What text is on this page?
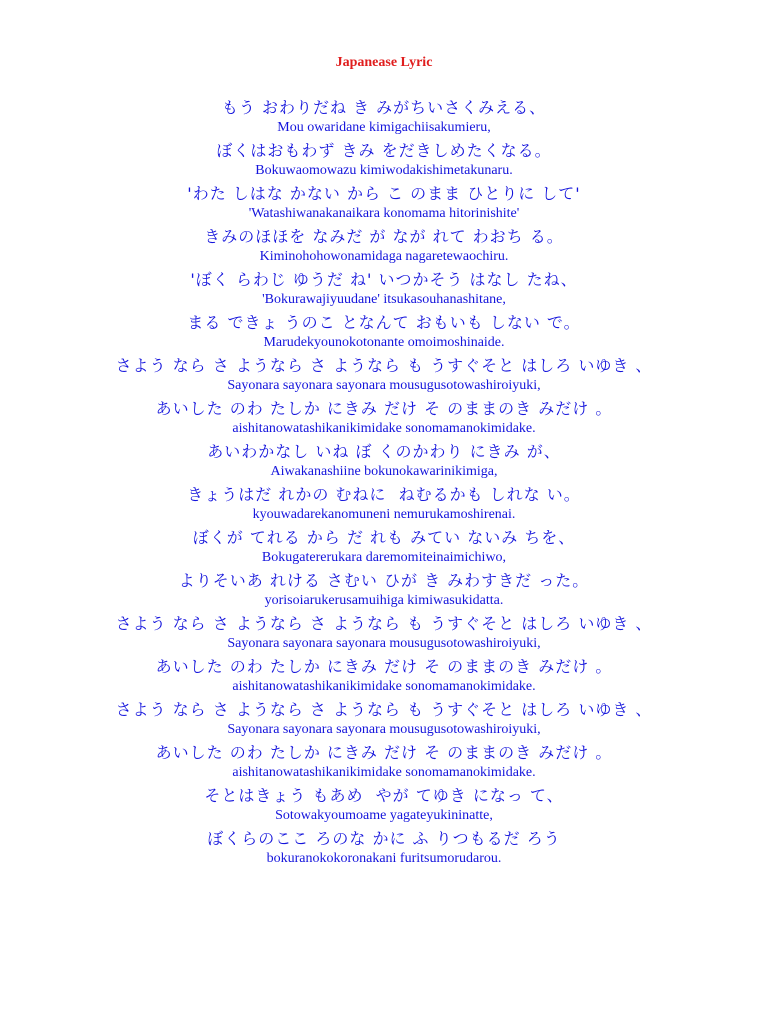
Japanease Lyric
もう おわりだね き みがちいさくみえる、
Mou owaridane kimigachiisakumieru,
ぼくはおもわず きみ をだきしめたくなる。
Bokuwaomowazu kimiwodakishimetakunaru.
'わた しはな かない から こ のまま ひとりに して'
'Watashiwanakanaikara konomama hitorinishite'
きみのほほを なみだ が なが れて わおち る。
Kiminohohowonamidaga nagaretewaochiru.
'ぼく らわじ ゆうだ ね' いつかそう はなし たね、
'Bokurawajiyuudane' itsukasouhanashitane,
まる できょ うのこ となんて おもいも しない で。
Marudekyounokotonante omoimoshinaide.
さよう なら さ ようなら さ ようなら も うすぐそと はしろ いゆき 、
Sayonara sayonara sayonara mousugusotowashiroiyuki,
あいした のわ たしか にきみ だけ そ のままのき みだけ 。
aishitanowatashikanikimidake sonomamanokimidake.
あいわかなし いね ぼ くのかわり にきみ が、
Aiwakanashiine bokunokawarinikimiga,
きょうはだ れかの むねに  ねむるかも しれな い。
kyouwadarekanomuneni nemurukamoshirenai.
ぼくが てれる から だ れも みてい ないみ ちを、
Bokugatererukara daremomiteinaimichiwo,
よりそいあ れける さむい ひが き みわすきだ った。
yorisoiarukerusamuihiga kimiwasukidatta.
さよう なら さ ようなら さ ようなら も うすぐそと はしろ いゆき 、
Sayonara sayonara sayonara mousugusotowashiroiyuki,
あいした のわ たしか にきみ だけ そ のままのき みだけ 。
aishitanowatashikanikimidake sonomamanokimidake.
さよう なら さ ようなら さ ようなら も うすぐそと はしろ いゆき 、
Sayonara sayonara sayonara mousugusotowashiroiyuki,
あいした のわ たしか にきみ だけ そ のままのき みだけ 。
aishitanowatashikanikimidake sonomamanokimidake.
そとはきょう もあめ  やが てゆき になっ て、
Sotowakyoumoame yagateyukininatte,
ぼくらのここ ろのな かに ふ りつもるだ ろう
bokuranokokoronakani furitsumorudarou.
